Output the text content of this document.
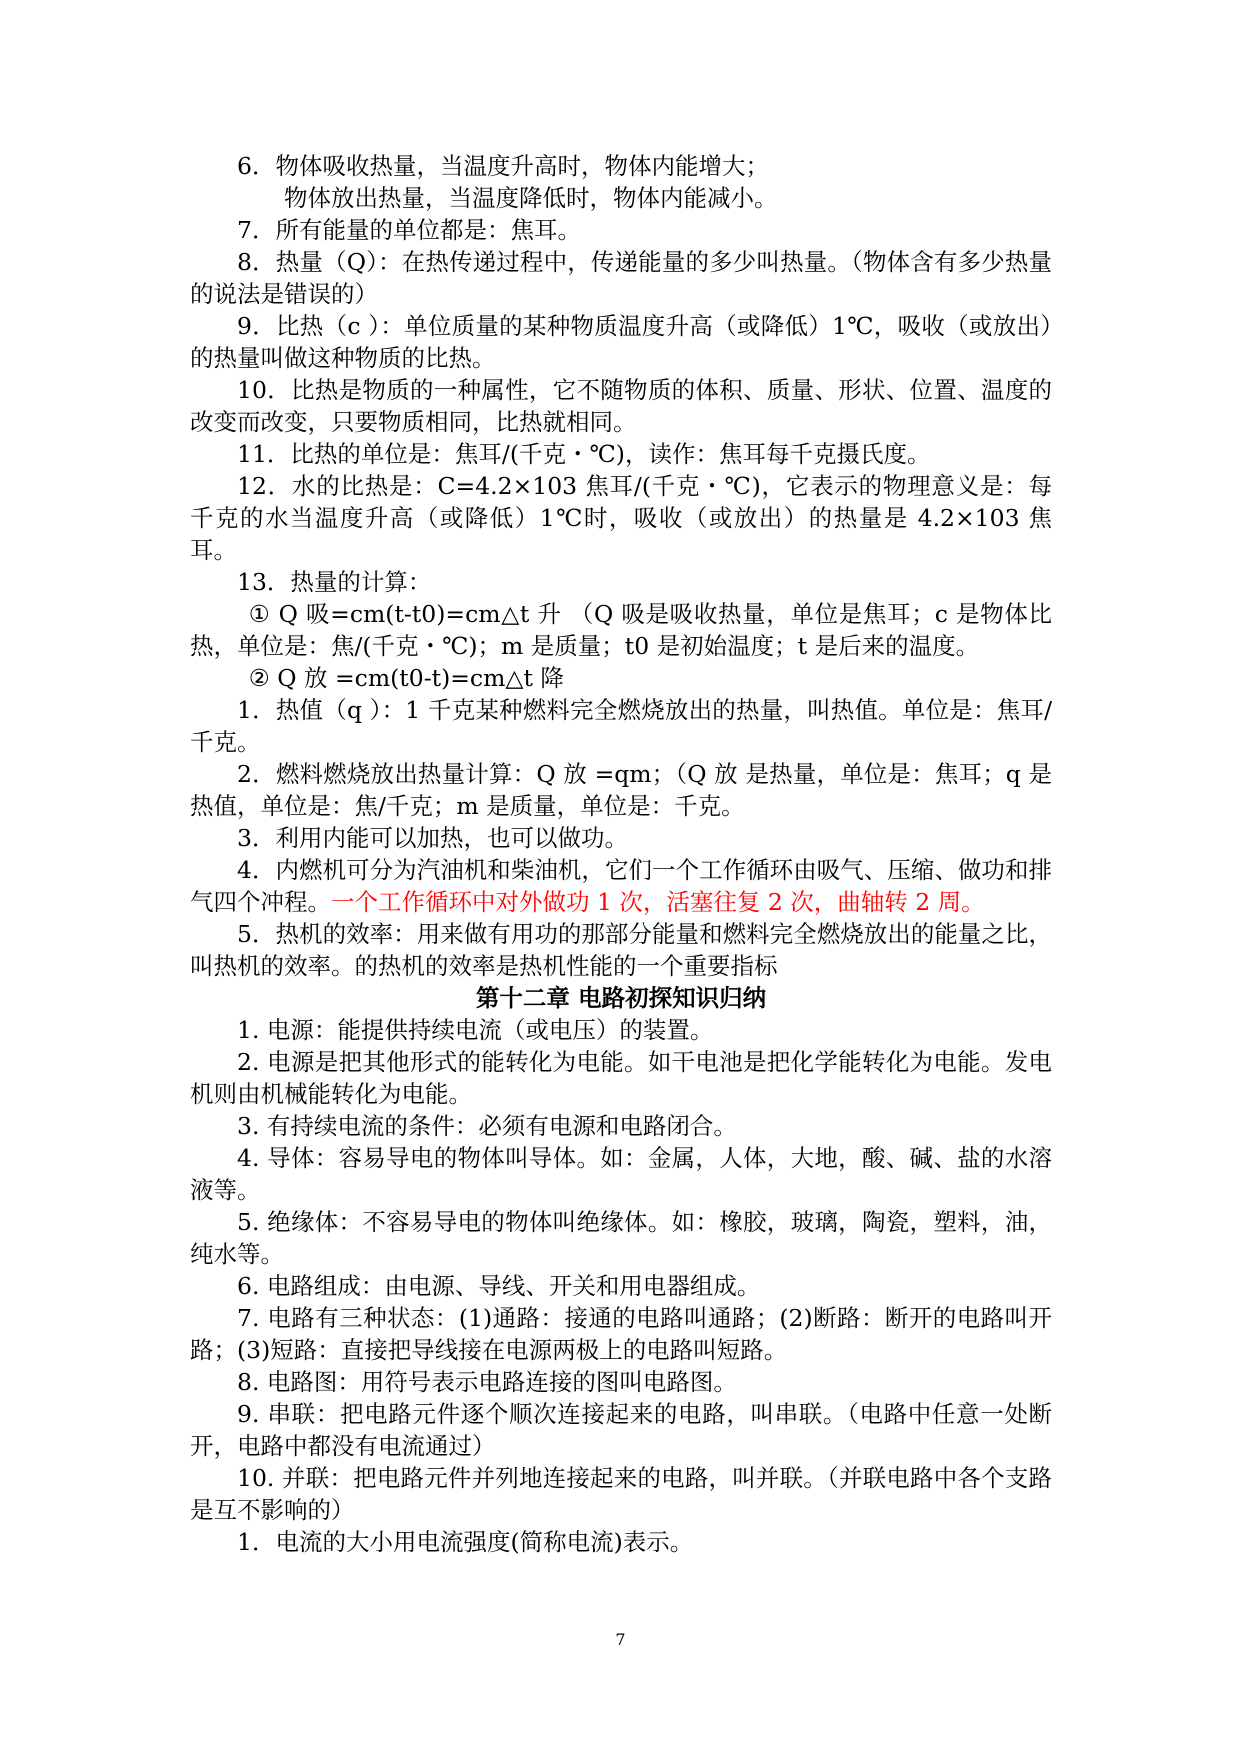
6．物体吸收热量，当温度升高时，物体内能增大；

物体放出热量，当温度降低时，物体内能减小。

7．所有能量的单位都是：焦耳。

8．热量（Q）：在热传递过程中，传递能量的多少叫热量。（物体含有多少热量的说法是错误的）

9．比热（c ）：单位质量的某种物质温度升高（或降低）1℃，吸收（或放出）的热量叫做这种物质的比热。

10．比热是物质的一种属性，它不随物质的体积、质量、形状、位置、温度的改变而改变，只要物质相同，比热就相同。

11．比热的单位是：焦耳/(千克・℃)，读作：焦耳每千克摄氏度。

12．水的比热是：C=4.2×103 焦耳/(千克・℃)，它表示的物理意义是：每千克的水当温度升高（或降低）1℃时，吸收（或放出）的热量是 4.2×103 焦耳。

13．热量的计算：

① Q 吸=cm(t-t0)=cm△t 升 （Q 吸是吸收热量，单位是焦耳；c 是物体比热，单位是：焦/(千克・℃)；m 是质量；t0 是初始温度；t 是后来的温度。

② Q 放 =cm(t0-t)=cm△t 降

1．热值（q ）：1 千克某种燃料完全燃烧放出的热量，叫热值。单位是：焦耳/千克。

2．燃料燃烧放出热量计算：Q 放 =qm；（Q 放 是热量，单位是：焦耳；q 是热值，单位是：焦/千克；m 是质量，单位是：千克。

3．利用内能可以加热，也可以做功。

4．内燃机可分为汽油机和柴油机，它们一个工作循环由吸气、压缩、做功和排气四个冲程。一个工作循环中对外做功 1 次，活塞往复 2 次，曲轴转 2 周。

5．热机的效率：用来做有用功的那部分能量和燃料完全燃烧放出的能量之比，叫热机的效率。的热机的效率是热机性能的一个重要指标

第十二章 电路初探知识归纳

1. 电源：能提供持续电流（或电压）的装置。

2. 电源是把其他形式的能转化为电能。如干电池是把化学能转化为电能。发电机则由机械能转化为电能。

3. 有持续电流的条件：必须有电源和电路闭合。

4. 导体：容易导电的物体叫导体。如：金属，人体，大地，酸、碱、盐的水溶液等。

5. 绝缘体：不容易导电的物体叫绝缘体。如：橡胶，玻璃，陶瓷，塑料，油，纯水等。

6. 电路组成：由电源、导线、开关和用电器组成。

7. 电路有三种状态：(1)通路：接通的电路叫通路；(2)断路：断开的电路叫开路；(3)短路：直接把导线接在电源两极上的电路叫短路。

8. 电路图：用符号表示电路连接的图叫电路图。

9. 串联：把电路元件逐个顺次连接起来的电路，叫串联。（电路中任意一处断开，电路中都没有电流通过）

10. 并联：把电路元件并列地连接起来的电路，叫并联。（并联电路中各个支路是互不影响的）

1．电流的大小用电流强度(简称电流)表示。

7
